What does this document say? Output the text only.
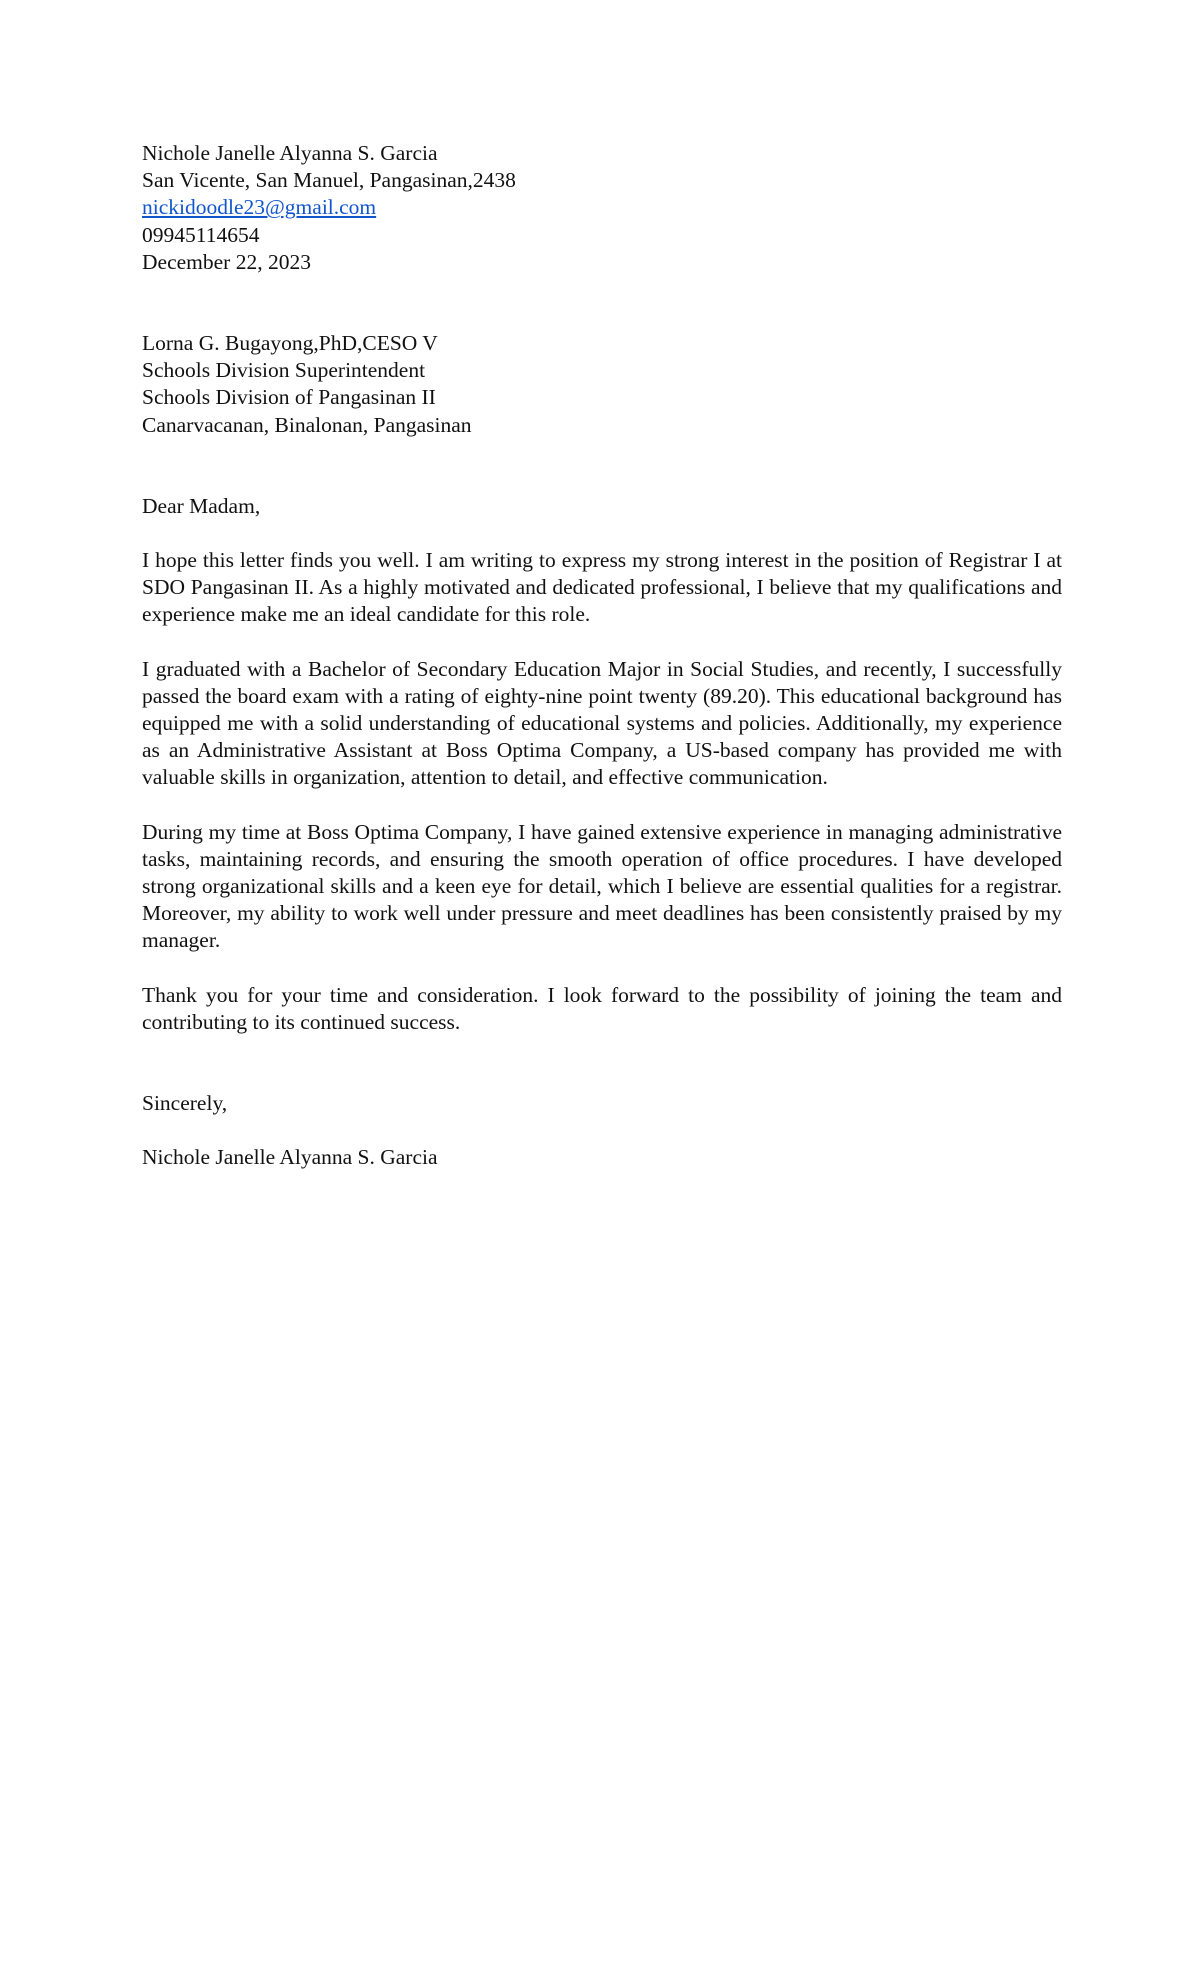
Nichole Janelle Alyanna S. Garcia

San Vicente, San Manuel, Pangasinan,2438

nickidoodle23@gmail.com

09945114654

December 22, 2023

Lorna G. Bugayong,PhD,CESO V

Schools Division Superintendent

Schools Division of Pangasinan II

Canarvacanan, Binalonan, Pangasinan

Dear Madam,

I hope this letter finds you well. I am writing to express my strong interest in the position of Registrar I at SDO Pangasinan II. As a highly motivated and dedicated professional, I believe that my qualifications and experience make me an ideal candidate for this role.

I graduated with a Bachelor of Secondary Education Major in Social Studies, and recently, I successfully passed the board exam with a rating of eighty-nine point twenty (89.20). This educational background has equipped me with a solid understanding of educational systems and policies. Additionally, my experience as an Administrative Assistant at Boss Optima Company, a US-based company has provided me with valuable skills in organization, attention to detail, and effective communication.

During my time at Boss Optima Company, I have gained extensive experience in managing administrative tasks, maintaining records, and ensuring the smooth operation of office procedures. I have developed strong organizational skills and a keen eye for detail, which I believe are essential qualities for a registrar. Moreover, my ability to work well under pressure and meet deadlines has been consistently praised by my manager.

Thank you for your time and consideration. I look forward to the possibility of joining the team and contributing to its continued success.

Sincerely,

Nichole Janelle Alyanna S. Garcia
